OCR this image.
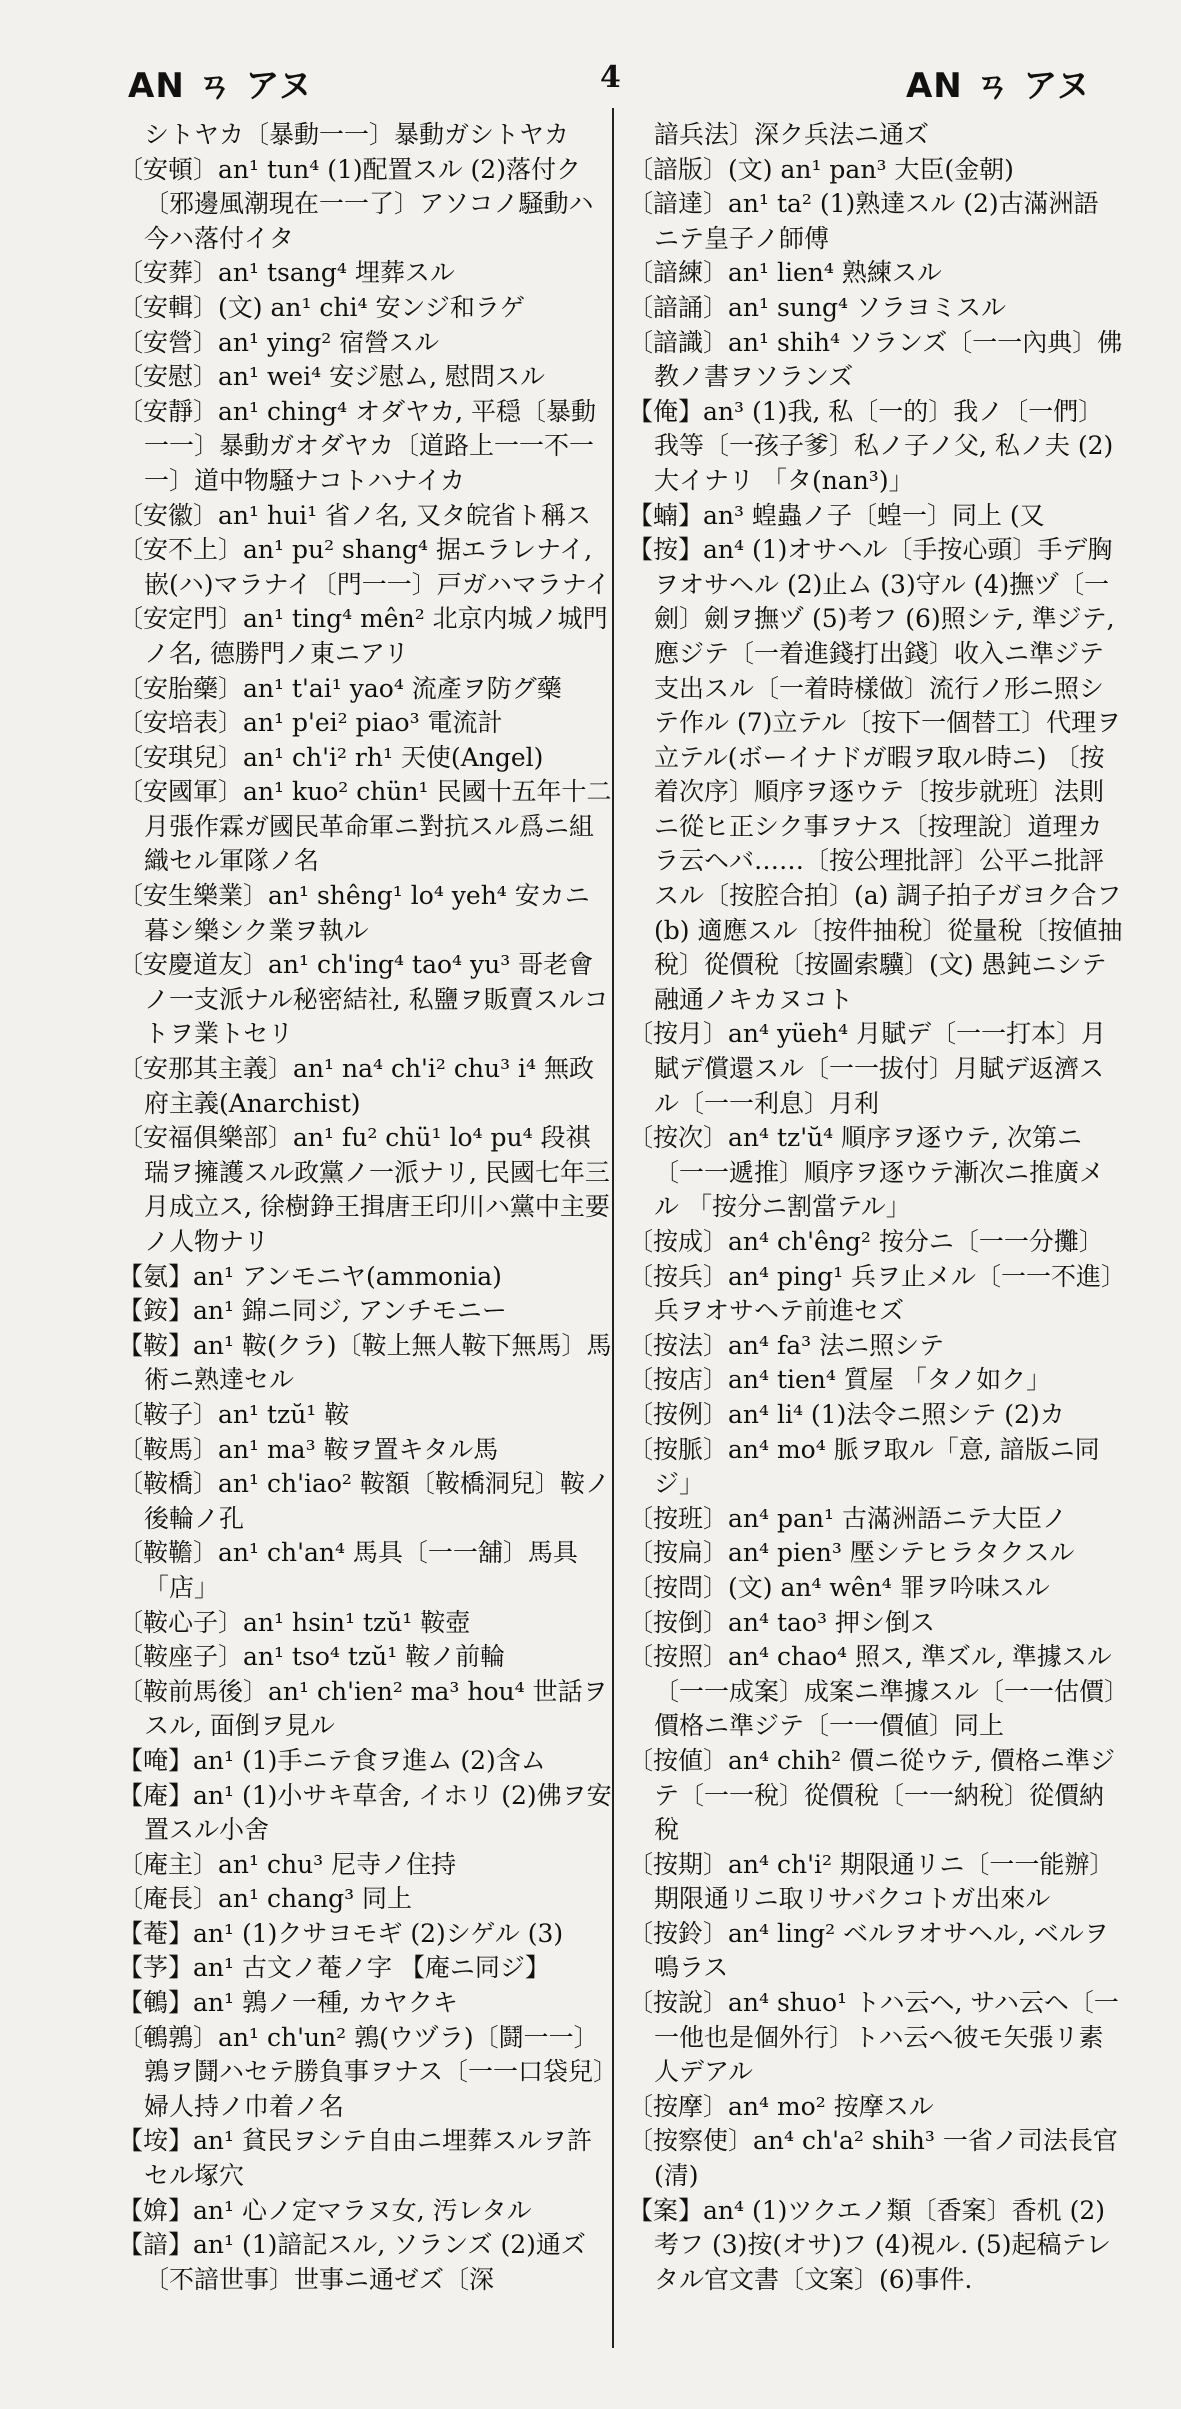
AN ㄢ アヌ	4	AN ㄢ アヌ

シトヤカ〔暴動一一〕暴動ガシトヤカ

〔安頓〕an¹ tun⁴ (1)配置スル (2)落付ク〔邪邊風潮現在一一了〕アソコノ騒動ハ今ハ落付イタ

〔安葬〕an¹ tsang⁴ 埋葬スル

〔安輯〕(文) an¹ chi⁴ 安ンジ和ラゲ

〔安營〕an¹ ying² 宿營スル

〔安慰〕an¹ wei⁴ 安ジ慰ム, 慰問スル

〔安靜〕an¹ ching⁴ オダヤカ, 平穏〔暴動一一〕暴動ガオダヤカ〔道路上一一不一一〕道中物騒ナコトハナイカ

〔安徽〕an¹ hui¹ 省ノ名, 又タ皖省ト稱ス

〔安不上〕an¹ pu² shang⁴ 据エラレナイ, 嵌(ハ)マラナイ〔門一一〕戸ガハマラナイ

〔安定門〕an¹ ting⁴ mên² 北京内城ノ城門ノ名, 德勝門ノ東ニアリ

〔安胎藥〕an¹ t'ai¹ yao⁴ 流產ヲ防グ藥

〔安培表〕an¹ p'ei² piao³ 電流計

〔安琪兒〕an¹ ch'i² rh¹ 天使(Angel)

〔安國軍〕an¹ kuo² chün¹ 民國十五年十二月張作霖ガ國民革命軍ニ對抗スル爲ニ組織セル軍隊ノ名

〔安生樂業〕an¹ shêng¹ lo⁴ yeh⁴ 安カニ暮シ樂シク業ヲ執ル

〔安慶道友〕an¹ ch'ing⁴ tao⁴ yu³ 哥老會ノ一支派ナル秘密結社, 私鹽ヲ販賣スルコトヲ業トセリ

〔安那其主義〕an¹ na⁴ ch'i² chu³ i⁴ 無政府主義(Anarchist)

〔安福俱樂部〕an¹ fu² chü¹ lo⁴ pu⁴ 段祺瑞ヲ擁護スル政黨ノ一派ナリ, 民國七年三月成立ス, 徐樹錚王揖唐王印川ハ黨中主要ノ人物ナリ

【氨】an¹ アンモニヤ(ammonia)

【銨】an¹ 錦ニ同ジ, アンチモニー

【鞍】an¹ 鞍(クラ)〔鞍上無人鞍下無馬〕馬術ニ熟達セル

〔鞍子〕an¹ tzŭ¹ 鞍

〔鞍馬〕an¹ ma³ 鞍ヲ置キタル馬

〔鞍橋〕an¹ ch'iao² 鞍額〔鞍橋洞兒〕鞍ノ後輪ノ孔

〔鞍韂〕an¹ ch'an⁴ 馬具〔一一舖〕馬具「店」

〔鞍心子〕an¹ hsin¹ tzŭ¹ 鞍壺

〔鞍座子〕an¹ tso⁴ tzŭ¹ 鞍ノ前輪

〔鞍前馬後〕an¹ ch'ien² ma³ hou⁴ 世話ヲスル, 面倒ヲ見ル

【唵】an¹ (1)手ニテ食ヲ進ム (2)含ム

【庵】an¹ (1)小サキ草舍, イホリ (2)佛ヲ安置スル小舍

〔庵主〕an¹ chu³ 尼寺ノ住持

〔庵長〕an¹ chang³ 同上

【菴】an¹ (1)クサヨモギ (2)シゲル (3)

【芧】an¹ 古文ノ菴ノ字 【庵ニ同ジ】

【鵪】an¹ 鶉ノ一種, カヤクキ

〔鵪鶉〕an¹ ch'un² 鶉(ウヅラ)〔鬪一一〕鶉ヲ鬪ハセテ勝負事ヲナス〔一一口袋兒〕婦人持ノ巾着ノ名

【垵】an¹ 貧民ヲシテ自由ニ埋葬スルヲ許セル塚穴

【媕】an¹ 心ノ定マラヌ女, 汚レタル

【諳】an¹ (1)諳記スル, ソランズ (2)通ズ〔不諳世事〕世事ニ通ゼズ〔深

諳兵法〕深ク兵法ニ通ズ

〔諳版〕(文) an¹ pan³ 大臣(金朝)

〔諳達〕an¹ ta² (1)熟達スル (2)古滿洲語ニテ皇子ノ師傅

〔諳練〕an¹ lien⁴ 熟練スル

〔諳誦〕an¹ sung⁴ ソラヨミスル

〔諳識〕an¹ shih⁴ ソランズ〔一一內典〕佛教ノ書ヲソランズ

【俺】an³ (1)我, 私〔一的〕我ノ〔一們〕我等〔一孩子爹〕私ノ子ノ父, 私ノ夫 (2)大イナリ 「タ(nan³)」

【蝻】an³ 蝗蟲ノ子〔蝗一〕同上 (又

【按】an⁴ (1)オサヘル〔手按心頭〕手デ胸ヲオサヘル (2)止ム (3)守ル (4)撫ヅ〔一劍〕劍ヲ撫ヅ (5)考フ (6)照シテ, 準ジテ, 應ジテ〔一着進錢打出錢〕收入ニ準ジテ支出スル〔一着時樣做〕流行ノ形ニ照シテ作ル (7)立テル〔按下一個替工〕代理ヲ立テル(ボーイナドガ暇ヲ取ル時ニ) 〔按着次序〕順序ヲ逐ウテ〔按步就班〕法則ニ從ヒ正シク事ヲナス〔按理說〕道理カラ云ヘバ……〔按公理批評〕公平ニ批評スル〔按腔合拍〕(a) 調子拍子ガヨク合フ (b) 適應スル〔按件抽稅〕從量稅〔按値抽稅〕從價稅〔按圖索驥〕(文) 愚鈍ニシテ融通ノキカヌコト

〔按月〕an⁴ yüeh⁴ 月賦デ〔一一打本〕月賦デ償還スル〔一一拔付〕月賦デ返濟スル〔一一利息〕月利

〔按次〕an⁴ tz'ŭ⁴ 順序ヲ逐ウテ, 次第ニ〔一一遞推〕順序ヲ逐ウテ漸次ニ推廣メル 「按分ニ割當テル」

〔按成〕an⁴ ch'êng² 按分ニ〔一一分攤〕

〔按兵〕an⁴ ping¹ 兵ヲ止メル〔一一不進〕兵ヲオサヘテ前進セズ

〔按法〕an⁴ fa³ 法ニ照シテ

〔按店〕an⁴ tien⁴ 質屋 「タノ如ク」

〔按例〕an⁴ li⁴ (1)法令ニ照シテ (2)カ

〔按脈〕an⁴ mo⁴ 脈ヲ取ル「意, 諳版ニ同ジ」

〔按班〕an⁴ pan¹ 古滿洲語ニテ大臣ノ

〔按扁〕an⁴ pien³ 壓シテヒラタクスル

〔按問〕(文) an⁴ wên⁴ 罪ヲ吟味スル

〔按倒〕an⁴ tao³ 押シ倒ス

〔按照〕an⁴ chao⁴ 照ス, 準ズル, 準據スル〔一一成案〕成案ニ準據スル〔一一估價〕價格ニ準ジテ〔一一價値〕同上

〔按値〕an⁴ chih² 價ニ從ウテ, 價格ニ準ジテ〔一一稅〕從價稅〔一一納稅〕從價納稅

〔按期〕an⁴ ch'i² 期限通リニ〔一一能辦〕期限通リニ取リサバクコトガ出來ル

〔按鈴〕an⁴ ling² ベルヲオサヘル, ベルヲ鳴ラス

〔按說〕an⁴ shuo¹ トハ云ヘ, サハ云ヘ〔一一他也是個外行〕トハ云ヘ彼モ矢張リ素人デアル

〔按摩〕an⁴ mo² 按摩スル

〔按察使〕an⁴ ch'a² shih³ 一省ノ司法長官(清)

【案】an⁴ (1)ツクエノ類〔香案〕香机 (2)考フ (3)按(オサ)フ (4)視ル. (5)起稿テレタル官文書〔文案〕(6)事件.
